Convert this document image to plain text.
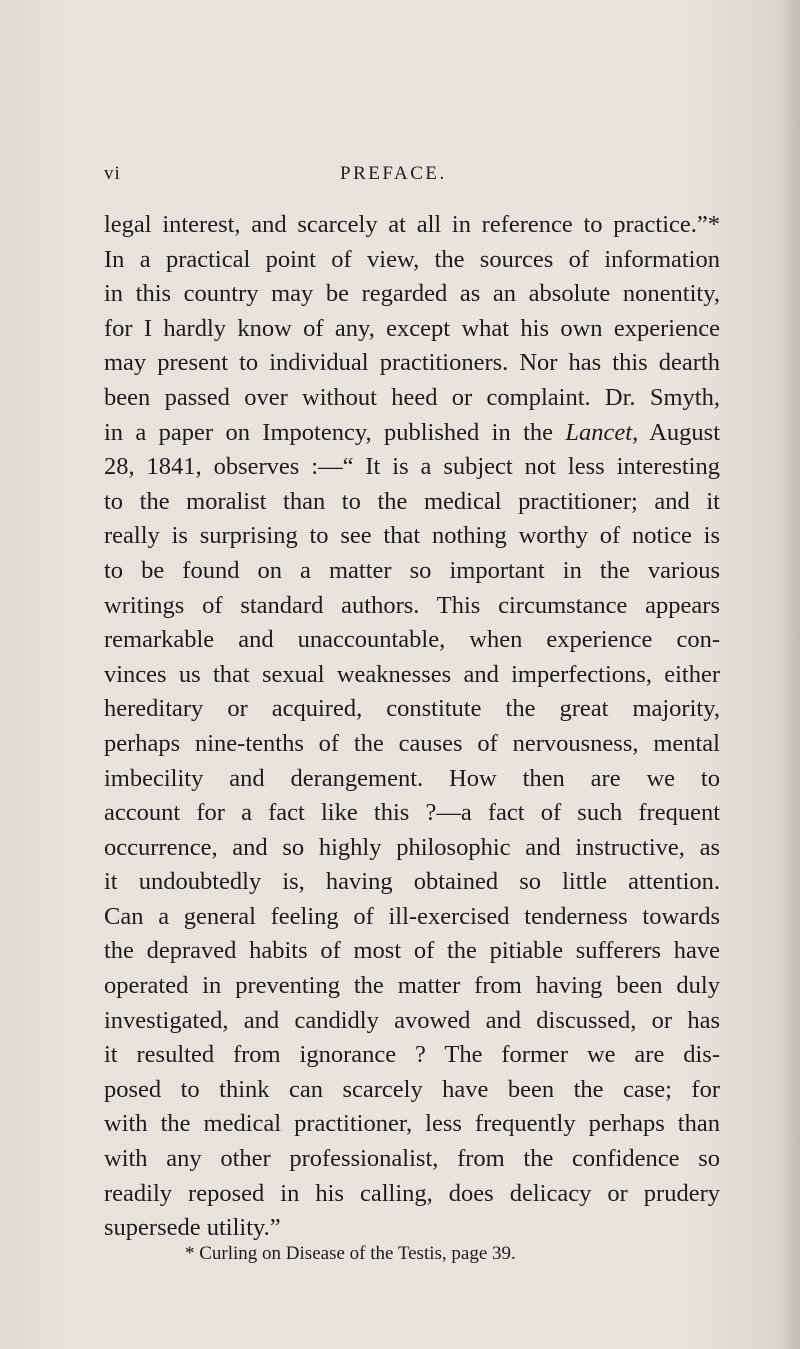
vi	PREFACE.
legal interest, and scarcely at all in reference to practice.”*
In a practical point of view, the sources of information
in this country may be regarded as an absolute nonentity,
for I hardly know of any, except what his own experience
may present to individual practitioners. Nor has this dearth
been passed over without heed or complaint. Dr. Smyth,
in a paper on Impotency, published in the Lancet, August
28, 1841, observes :—“ It is a subject not less interesting
to the moralist than to the medical practitioner; and it
really is surprising to see that nothing worthy of notice is
to be found on a matter so important in the various
writings of standard authors. This circumstance appears
remarkable and unaccountable, when experience con-
vinces us that sexual weaknesses and imperfections, either
hereditary or acquired, constitute the great majority,
perhaps nine-tenths of the causes of nervousness, mental
imbecility and derangement. How then are we to
account for a fact like this ?—a fact of such frequent
occurrence, and so highly philosophic and instructive, as
it undoubtedly is, having obtained so little attention.
Can a general feeling of ill-exercised tenderness towards
the depraved habits of most of the pitiable sufferers have
operated in preventing the matter from having been duly
investigated, and candidly avowed and discussed, or has
it resulted from ignorance ? The former we are dis-
posed to think can scarcely have been the case; for
with the medical practitioner, less frequently perhaps than
with any other professionalist, from the confidence so
readily reposed in his calling, does delicacy or prudery
supersede utility.”
* Curling on Disease of the Testis, page 39.
